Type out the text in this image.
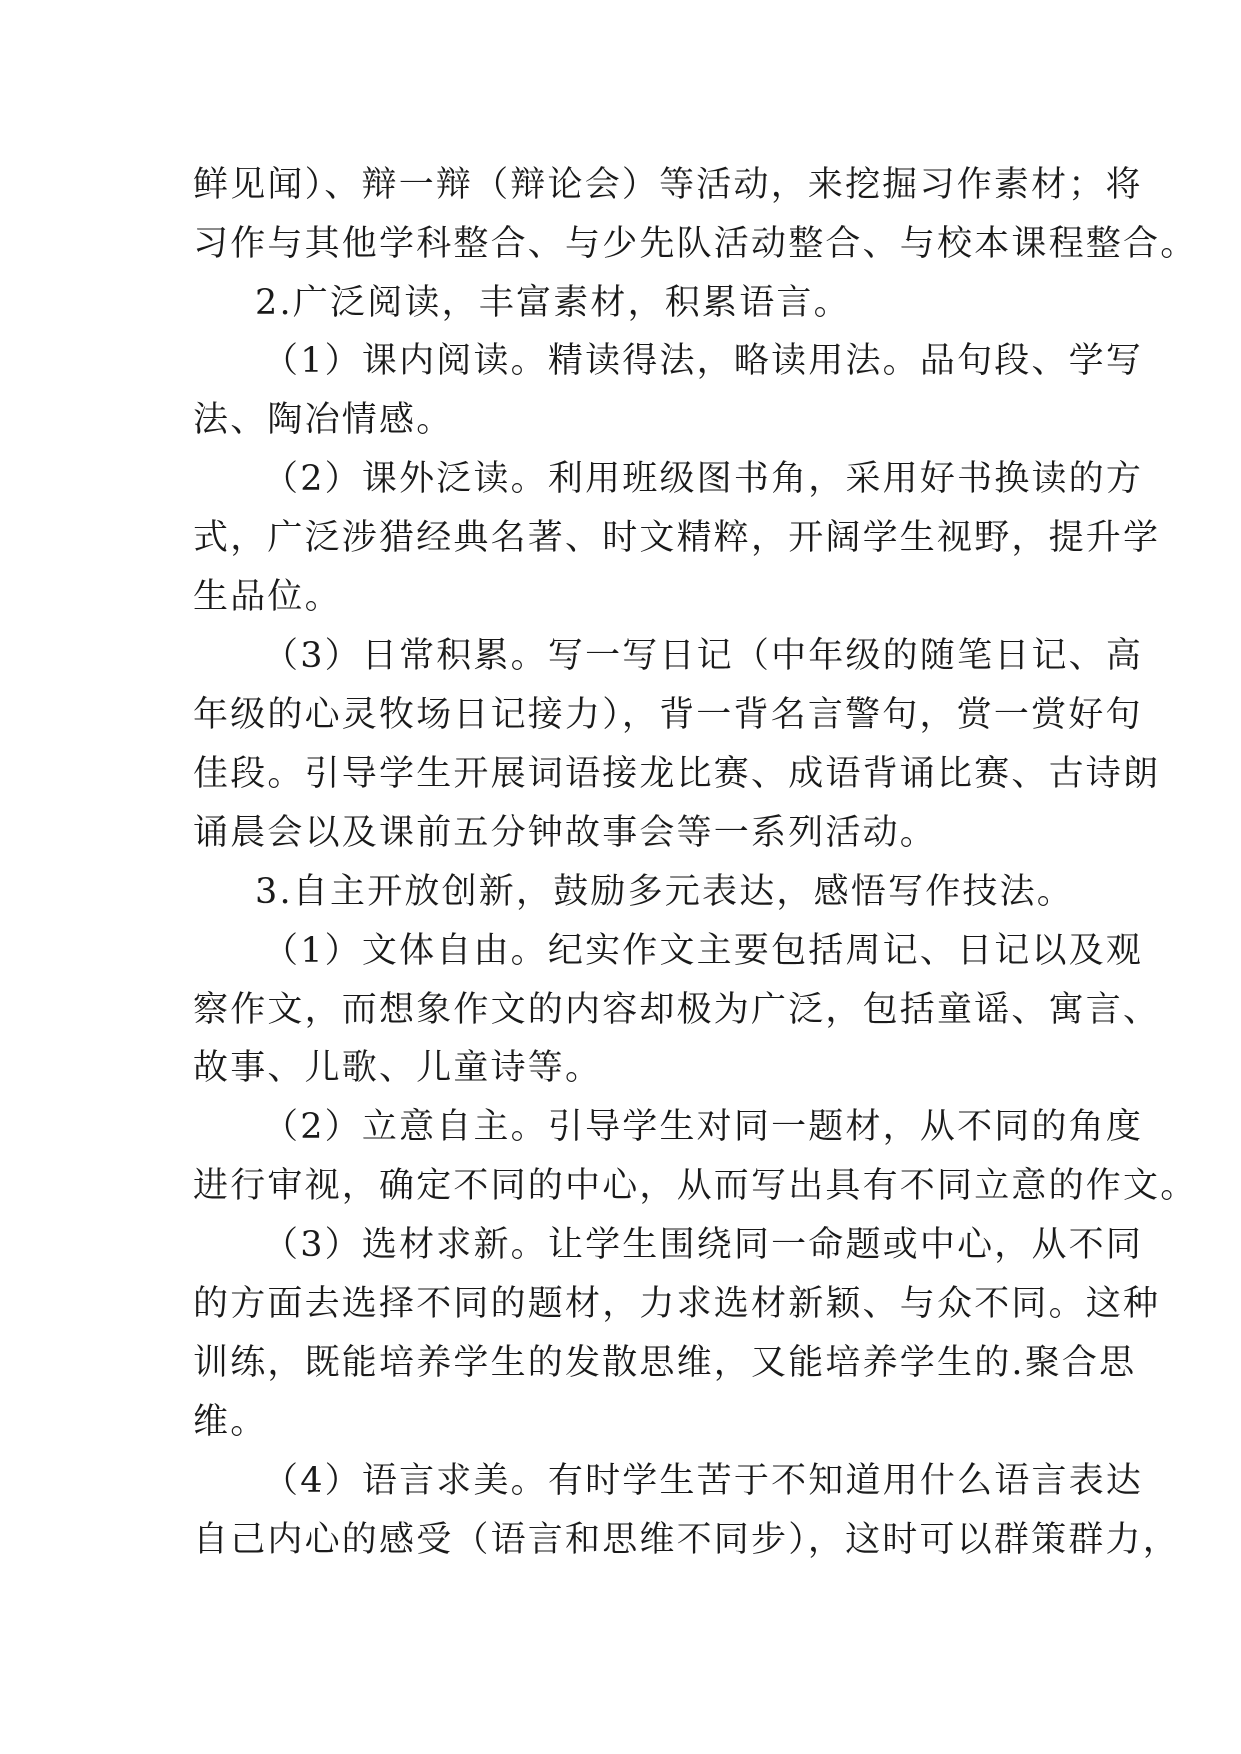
鲜见闻）、辩一辩（辩论会）等活动，来挖掘习作素材；将
习作与其他学科整合、与少先队活动整合、与校本课程整合。
2.广泛阅读，丰富素材，积累语言。
（1）课内阅读。精读得法，略读用法。品句段、学写
法、陶冶情感。
（2）课外泛读。利用班级图书角，采用好书换读的方
式，广泛涉猎经典名著、时文精粹，开阔学生视野，提升学
生品位。
（3）日常积累。写一写日记（中年级的随笔日记、高
年级的心灵牧场日记接力），背一背名言警句，赏一赏好句
佳段。引导学生开展词语接龙比赛、成语背诵比赛、古诗朗
诵晨会以及课前五分钟故事会等一系列活动。
3.自主开放创新，鼓励多元表达，感悟写作技法。
（1）文体自由。纪实作文主要包括周记、日记以及观
察作文，而想象作文的内容却极为广泛，包括童谣、寓言、
故事、儿歌、儿童诗等。
（2）立意自主。引导学生对同一题材，从不同的角度
进行审视，确定不同的中心，从而写出具有不同立意的作文。
（3）选材求新。让学生围绕同一命题或中心，从不同
的方面去选择不同的题材，力求选材新颖、与众不同。这种
训练，既能培养学生的发散思维，又能培养学生的.聚合思
维。
（4）语言求美。有时学生苦于不知道用什么语言表达
自己内心的感受（语言和思维不同步），这时可以群策群力，
